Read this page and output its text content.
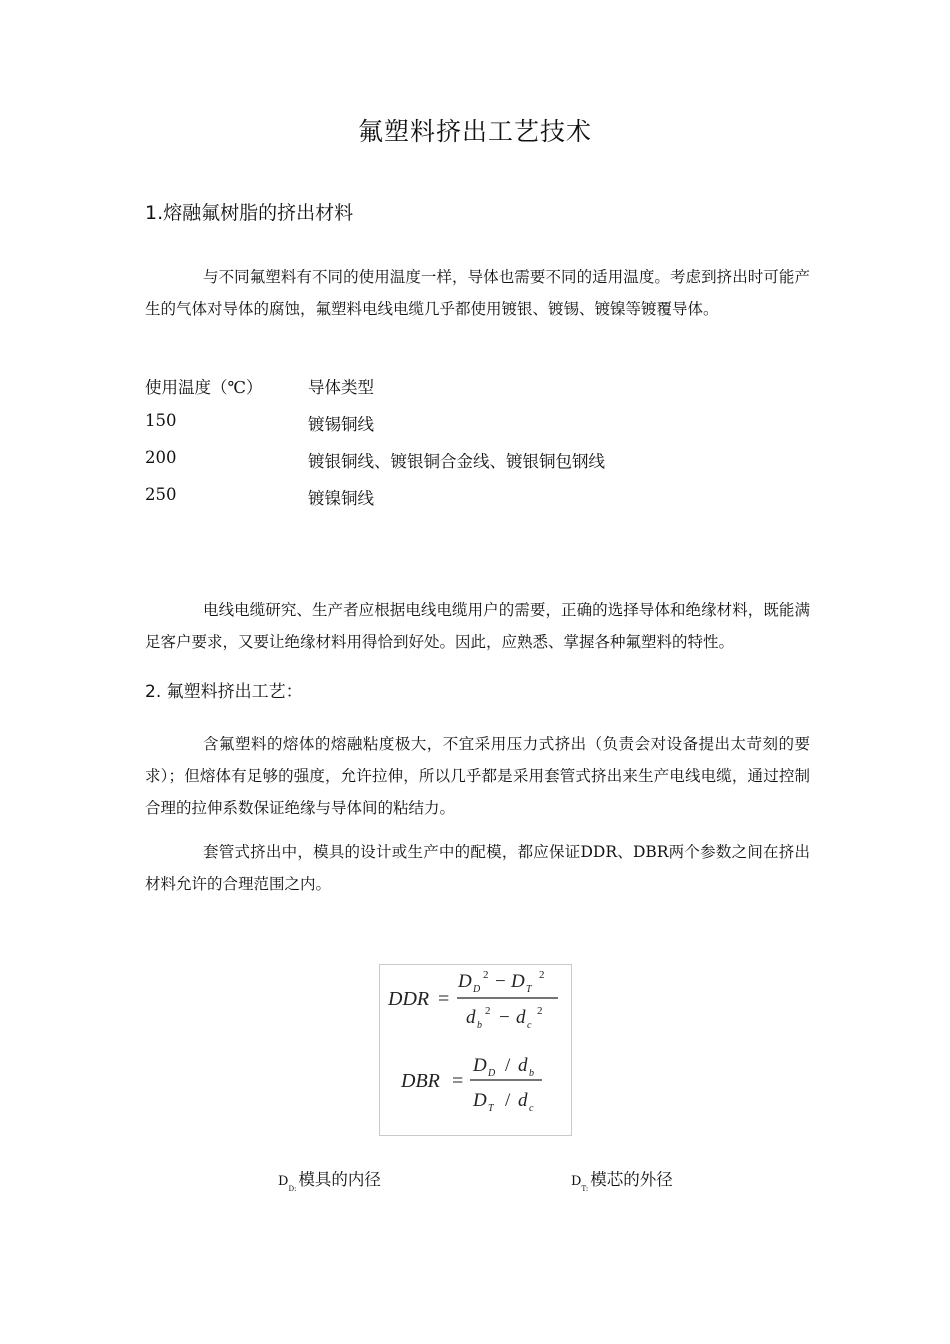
氟塑料挤出工艺技术
1.熔融氟树脂的挤出材料

与不同氟塑料有不同的使用温度一样，导体也需要不同的适用温度。考虑到挤出时可能产生的气体对导体的腐蚀，氟塑料电线电缆几乎都使用镀银、镀锡、镀镍等镀覆导体。

使用温度（℃）	导体类型
150	镀锡铜线
200	镀银铜线、镀银铜合金线、镀银铜包钢线
250	镀镍铜线

电线电缆研究、生产者应根据电线电缆用户的需要，正确的选择导体和绝缘材料，既能满足客户要求，又要让绝缘材料用得恰到好处。因此，应熟悉、掌握各种氟塑料的特性。

2. 氟塑料挤出工艺：

含氟塑料的熔体的熔融粘度极大，不宜采用压力式挤出（负责会对设备提出太苛刻的要求）；但熔体有足够的强度，允许拉伸，所以几乎都是采用套管式挤出来生产电线电缆，通过控制合理的拉伸系数保证绝缘与导体间的粘结力。

套管式挤出中，模具的设计或生产中的配模，都应保证DDR、DBR两个参数之间在挤出材料允许的合理范围之内。

DDR =
D D
2 − D T
2
d b
2 − d c
2
DBR =
D D / d b
D T / d c
$D_{D:}$ 模具的内径	$D_{T:}$ 模芯的外径
